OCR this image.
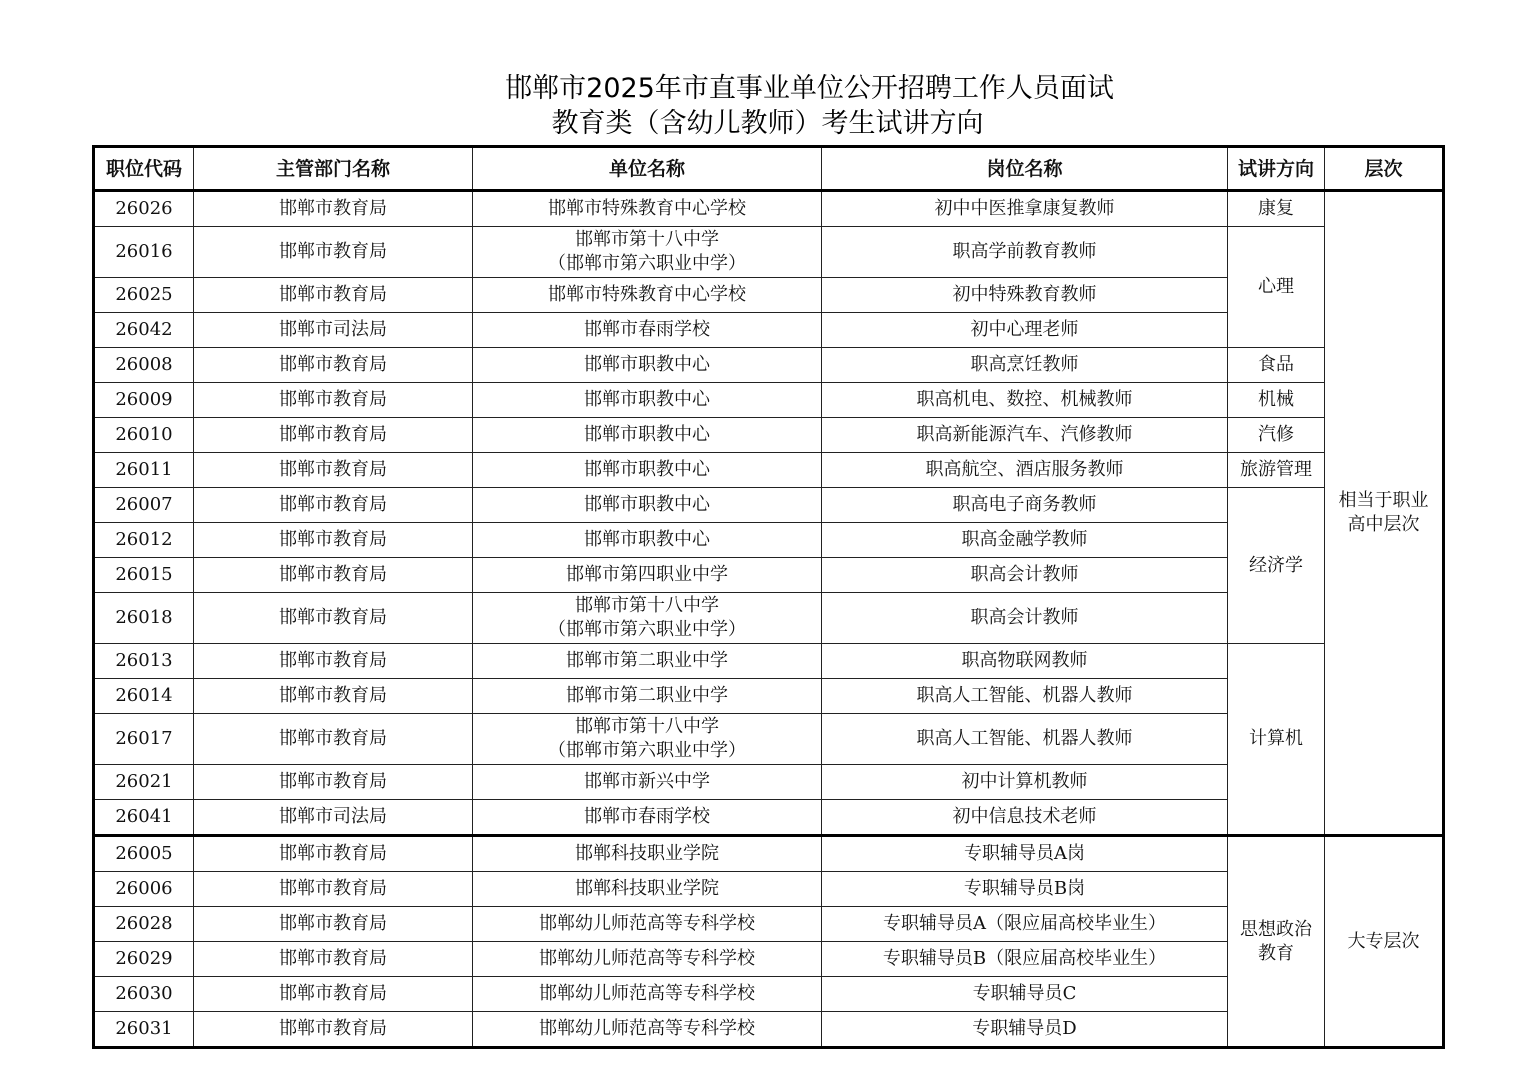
邯郸市2025年市直事业单位公开招聘工作人员面试
教育类（含幼儿教师）考生试讲方向
职位代码	主管部门名称	单位名称	岗位名称	试讲方向	层次
26026	邯郸市教育局	邯郸市特殊教育中心学校	初中中医推拿康复教师	康复	相当于职业
高中层次

26016	邯郸市教育局	邯郸市第十八中学
（邯郸市第六职业中学）	职高学前教育教师	心理	
26025	邯郸市教育局	邯郸市特殊教育中心学校	初中特殊教育教师		
26042	邯郸市司法局	邯郸市春雨学校	初中心理老师		
26008	邯郸市教育局	邯郸市职教中心	职高烹饪教师	食品	
26009	邯郸市教育局	邯郸市职教中心	职高机电、数控、机械教师	机械	
26010	邯郸市教育局	邯郸市职教中心	职高新能源汽车、汽修教师	汽修	
26011	邯郸市教育局	邯郸市职教中心	职高航空、酒店服务教师	旅游管理	
26007	邯郸市教育局	邯郸市职教中心	职高电子商务教师	经济学	
26012	邯郸市教育局	邯郸市职教中心	职高金融学教师		
26015	邯郸市教育局	邯郸市第四职业中学	职高会计教师		
26018	邯郸市教育局	邯郸市第十八中学
（邯郸市第六职业中学）	职高会计教师		
26013	邯郸市教育局	邯郸市第二职业中学	职高物联网教师	计算机	
26014	邯郸市教育局	邯郸市第二职业中学	职高人工智能、机器人教师		
26017	邯郸市教育局	邯郸市第十八中学
（邯郸市第六职业中学）	职高人工智能、机器人教师		
26021	邯郸市教育局	邯郸市新兴中学	初中计算机教师		
26041	邯郸市司法局	邯郸市春雨学校	初中信息技术老师		
26005	邯郸市教育局	邯郸科技职业学院	专职辅导员A岗	思想政治
教育	大专层次
26006	邯郸市教育局	邯郸科技职业学院	专职辅导员B岗		
26028	邯郸市教育局	邯郸幼儿师范高等专科学校	专职辅导员A（限应届高校毕业生）		
26029	邯郸市教育局	邯郸幼儿师范高等专科学校	专职辅导员B（限应届高校毕业生）		
26030	邯郸市教育局	邯郸幼儿师范高等专科学校	专职辅导员C		
26031	邯郸市教育局	邯郸幼儿师范高等专科学校	专职辅导员D		
